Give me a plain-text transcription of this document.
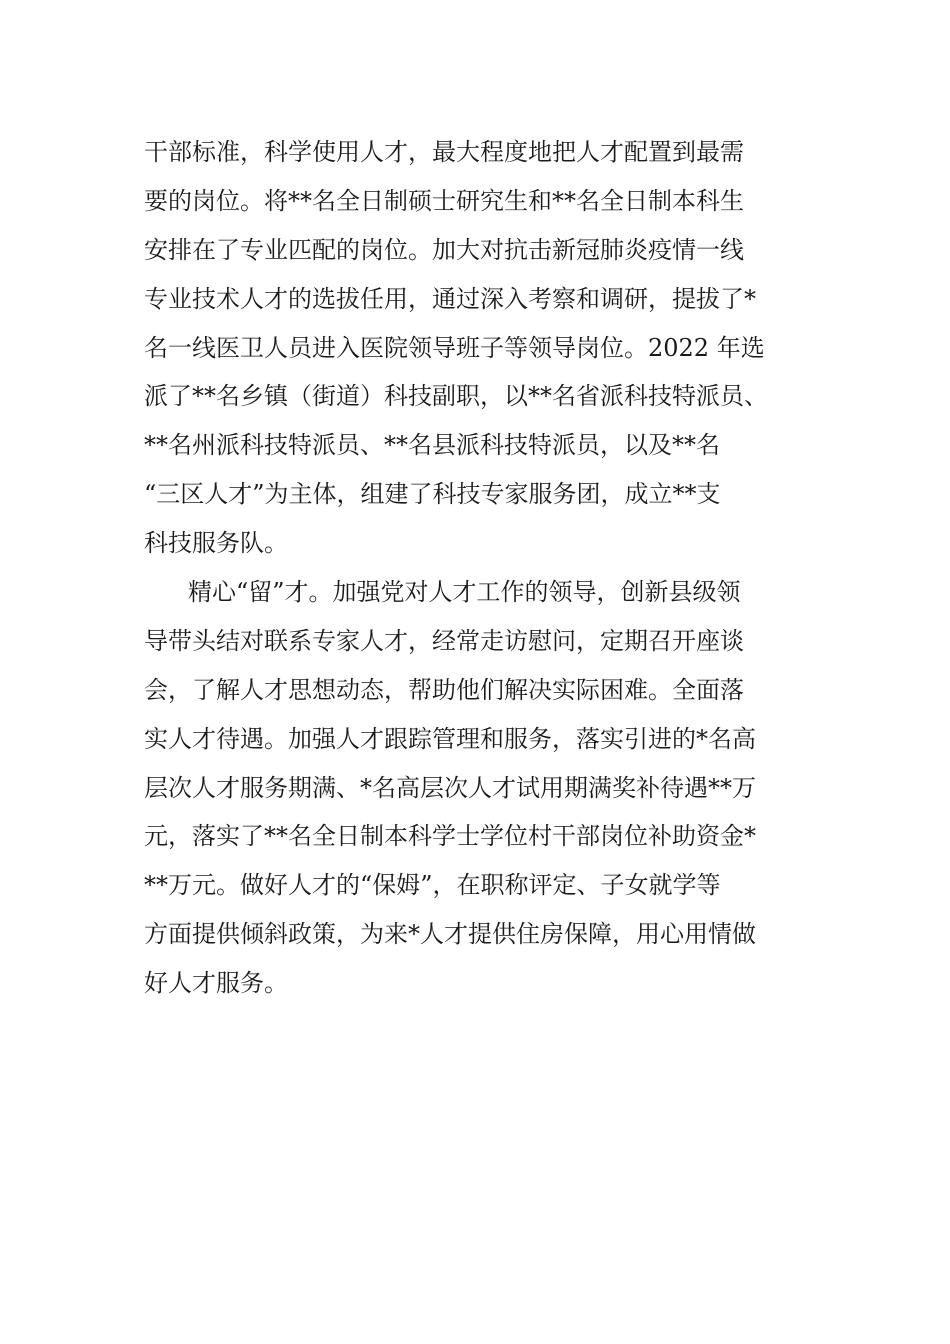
干部标准，科学使用人才，最大程度地把人才配置到最需
要的岗位。将**名全日制硕士研究生和**名全日制本科生
安排在了专业匹配的岗位。加大对抗击新冠肺炎疫情一线
专业技术人才的选拔任用，通过深入考察和调研，提拔了*
名一线医卫人员进入医院领导班子等领导岗位。2022 年选
派了**名乡镇（街道）科技副职，以**名省派科技特派员、
**名州派科技特派员、**名县派科技特派员，以及**名
“三区人才”为主体，组建了科技专家服务团，成立**支
科技服务队。
精心“留”才。加强党对人才工作的领导，创新县级领
导带头结对联系专家人才，经常走访慰问，定期召开座谈
会，了解人才思想动态，帮助他们解决实际困难。全面落
实人才待遇。加强人才跟踪管理和服务，落实引进的*名高
层次人才服务期满、*名高层次人才试用期满奖补待遇**万
元，落实了**名全日制本科学士学位村干部岗位补助资金*
**万元。做好人才的“保姆”，在职称评定、子女就学等
方面提供倾斜政策，为来*人才提供住房保障，用心用情做
好人才服务。
